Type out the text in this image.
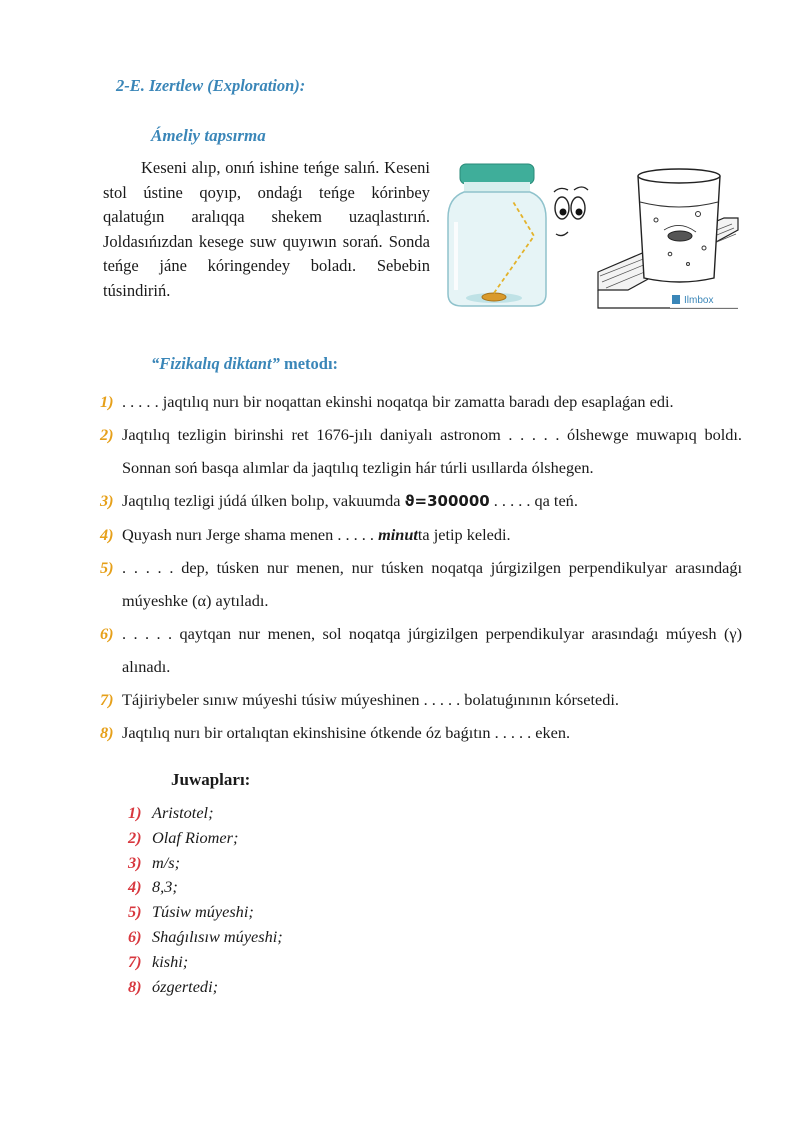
2-E. Izertlew (Exploration):
Ámeliy tapsırma
Keseni alıp, onıń ishine teńge salıń. Keseni stol ústine qoyıp, ondaǵı teńge kórinbey qalatuǵın aralıqqa shekem uzaqlastırıń. Joldasıńızdan kesege suw quyıwın sorań. Sonda teńge jáne kóringendey boladı. Sebebin túsindiriń.
Ilmbox
“Fizikalıq diktant” metodı:
1) . . . . . jaqtılıq nurı bir noqattan ekinshi noqatqa bir zamatta baradı dep esaplaǵan edi.
2) Jaqtılıq tezligin birinshi ret 1676-jılı daniyalı astronom . . . . . ólshewge muwapıq boldı. Sonnan soń basqa alımlar da jaqtılıq tezligin hár túrli usıllarda ólshegen.
3) Jaqtılıq tezligi júdá úlken bolıp, vakuumda ϑ=300000 . . . . . qa teń.
4) Quyash nurı Jerge shama menen . . . . . minutta jetip keledi.
5) . . . . . dep, túsken nur menen, nur túsken noqatqa júrgizilgen perpendikulyar arasındaǵı múyeshke (α) aytıladı.
6) . . . . . qaytqan nur menen, sol noqatqa júrgizilgen perpendikulyar arasındaǵı múyesh (γ) alınadı.
7) Tájiriybeler sınıw múyeshi túsiw múyeshinen . . . . . bolatuǵınının kórsetedi.
8) Jaqtılıq nurı bir ortalıqtan ekinshisine ótkende óz baǵıtın . . . . . eken.
Juwapları:
1) Aristotel;
2) Olaf Riomer;
3) m/s;
4) 8,3;
5) Túsiw múyeshi;
6) Shaǵılısıw múyeshi;
7) kishi;
8) ózgertedi;
